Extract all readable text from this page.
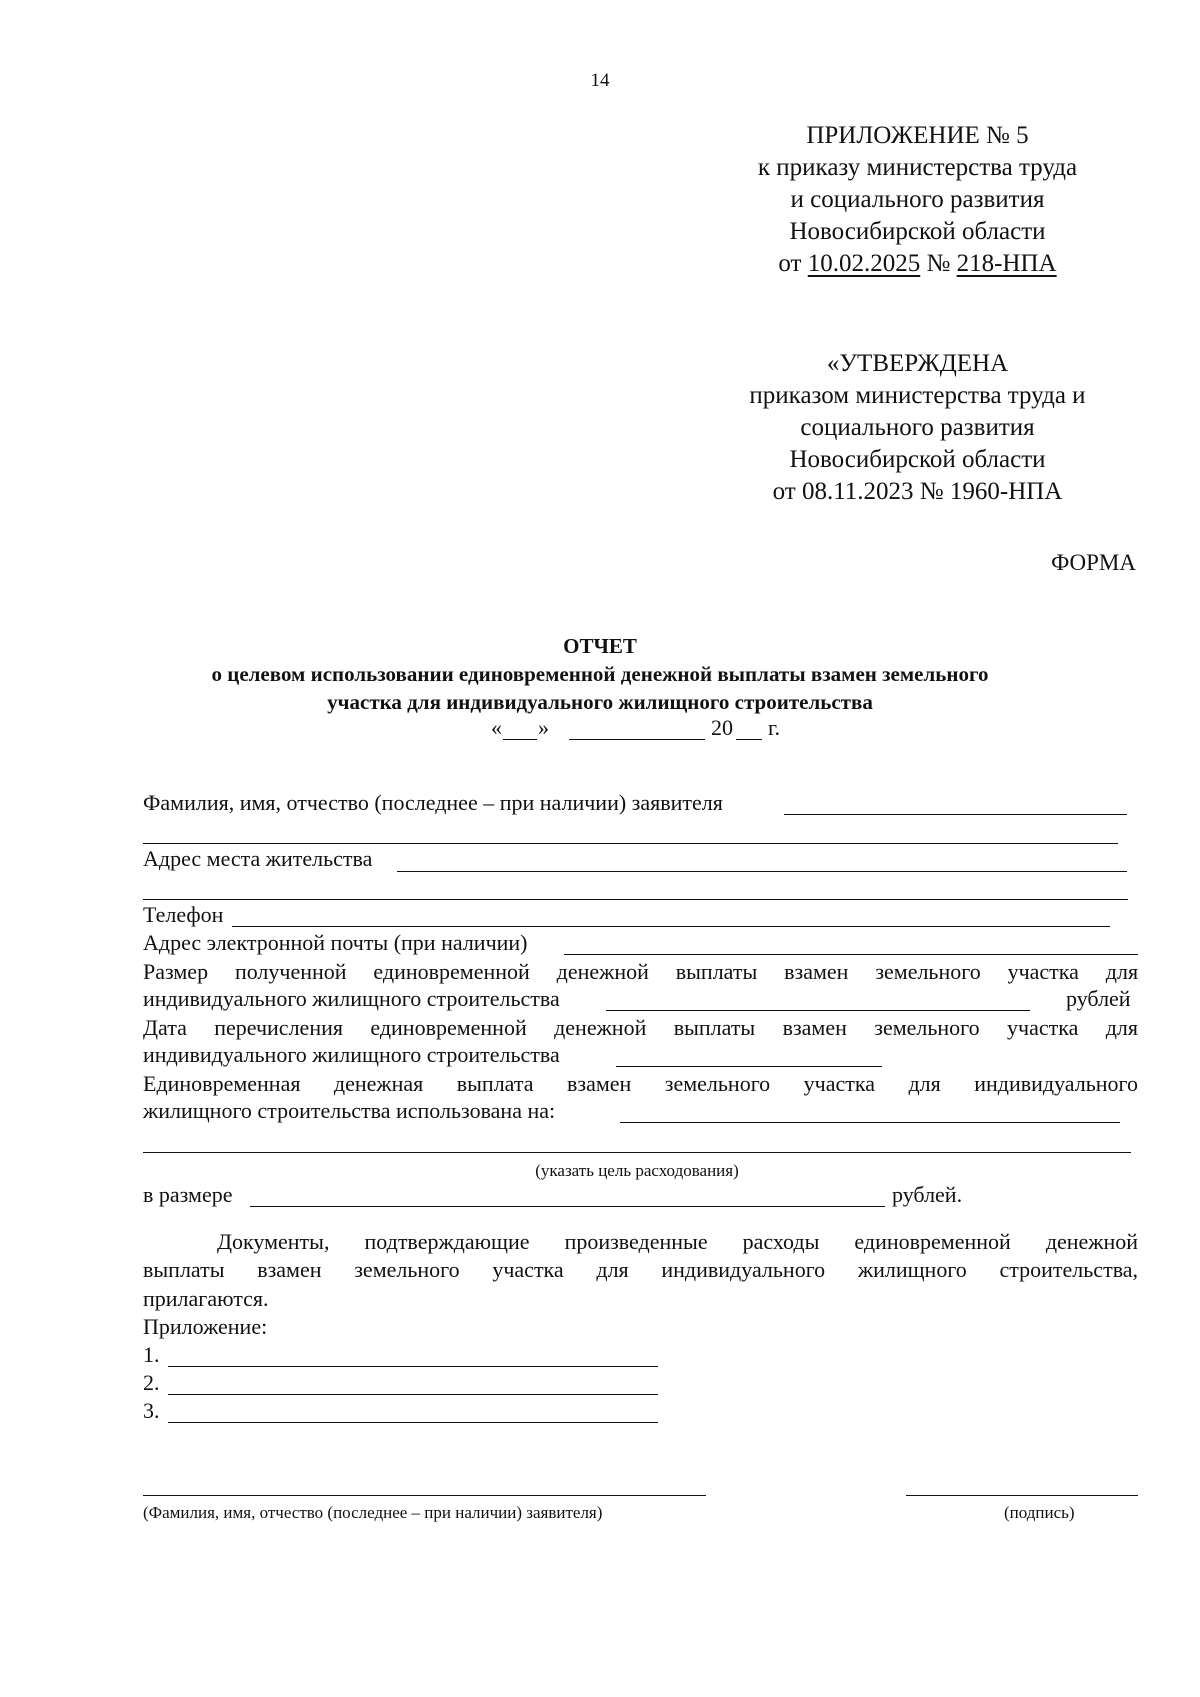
14
ПРИЛОЖЕНИЕ № 5
к приказу министерства труда
и социального развития
Новосибирской области
от 10.02.2025 № 218-НПА
«УТВЕРЖДЕНА
приказом министерства труда и
социального развития
Новосибирской области
от 08.11.2023 № 1960-НПА
ФОРМА
ОТЧЕТ
о целевом использовании единовременной денежной выплаты взамен земельного
участка для индивидуального жилищного строительства
« »	20 г.
Фамилия, имя, отчество (последнее – при наличии) заявителя
Адрес места жительства
Телефон
Адрес электронной почты (при наличии)
Размер полученной единовременной денежной выплаты взамен земельного участка для
индивидуального жилищного строительства	рублей
Дата перечисления единовременной денежной выплаты взамен земельного участка для
индивидуального жилищного строительства
Единовременная денежная выплата взамен земельного участка для индивидуального
жилищного строительства использована на:
(указать цель расходования)
в размере	рублей.
Документы, подтверждающие произведенные расходы единовременной денежной
выплаты взамен земельного участка для индивидуального жилищного строительства,
прилагаются.
Приложение:
1.
2.
3.
(Фамилия, имя, отчество (последнее – при наличии) заявителя)	(подпись)
